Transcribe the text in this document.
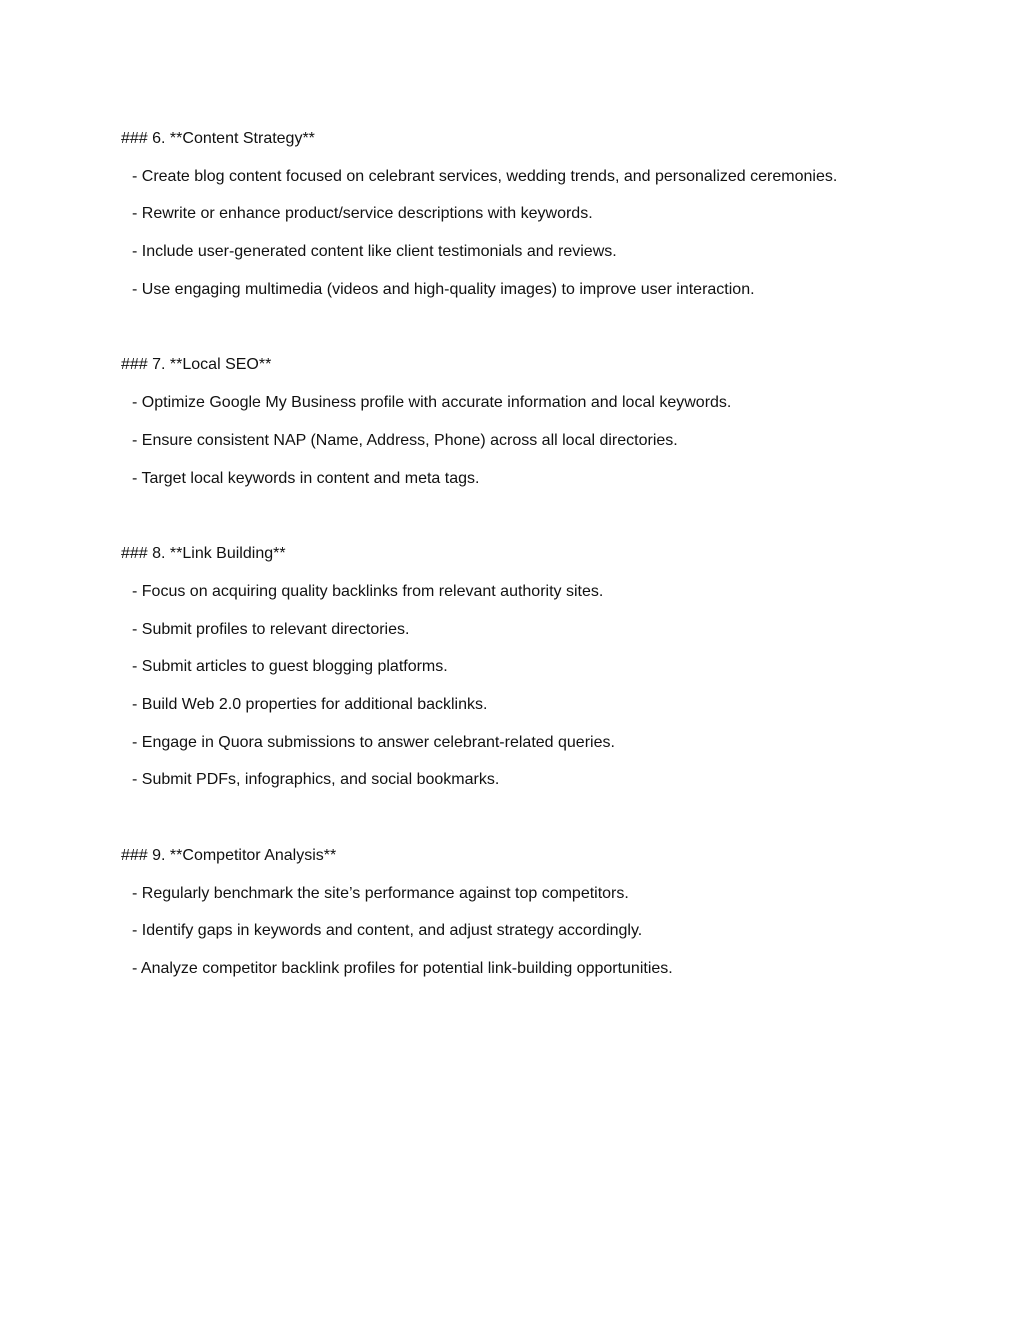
### 6. **Content Strategy**
- Create blog content focused on celebrant services, wedding trends, and personalized ceremonies.
- Rewrite or enhance product/service descriptions with keywords.
- Include user-generated content like client testimonials and reviews.
- Use engaging multimedia (videos and high-quality images) to improve user interaction.
### 7. **Local SEO**
- Optimize Google My Business profile with accurate information and local keywords.
- Ensure consistent NAP (Name, Address, Phone) across all local directories.
- Target local keywords in content and meta tags.
### 8. **Link Building**
- Focus on acquiring quality backlinks from relevant authority sites.
- Submit profiles to relevant directories.
- Submit articles to guest blogging platforms.
- Build Web 2.0 properties for additional backlinks.
- Engage in Quora submissions to answer celebrant-related queries.
- Submit PDFs, infographics, and social bookmarks.
### 9. **Competitor Analysis**
- Regularly benchmark the site’s performance against top competitors.
- Identify gaps in keywords and content, and adjust strategy accordingly.
- Analyze competitor backlink profiles for potential link-building opportunities.
